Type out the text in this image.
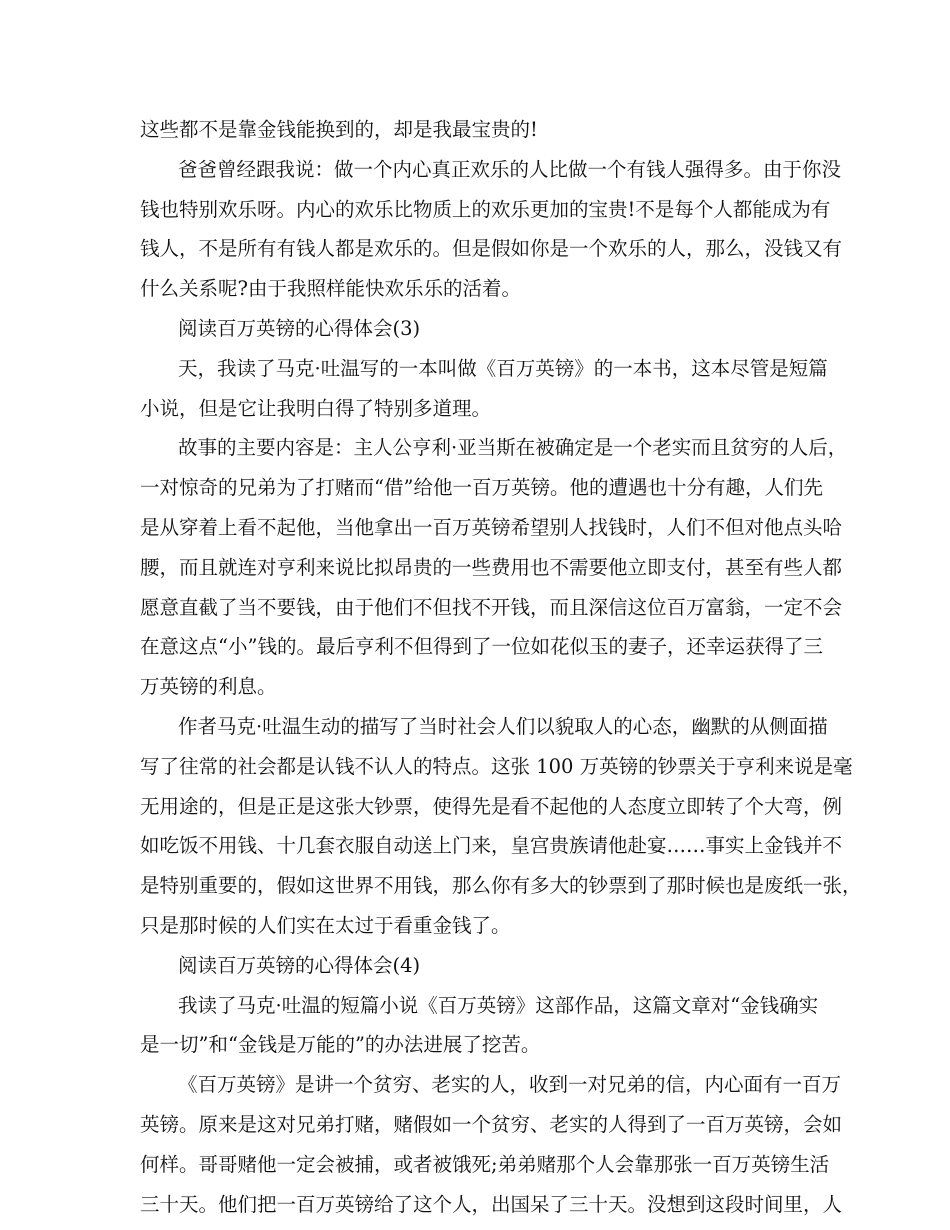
这些都不是靠金钱能换到的，却是我最宝贵的!
爸爸曾经跟我说：做一个内心真正欢乐的人比做一个有钱人强得多。由于你没
钱也特别欢乐呀。内心的欢乐比物质上的欢乐更加的宝贵!不是每个人都能成为有
钱人，不是所有有钱人都是欢乐的。但是假如你是一个欢乐的人，那么，没钱又有
什么关系呢?由于我照样能快欢乐乐的活着。
阅读百万英镑的心得体会(3)
天，我读了马克·吐温写的一本叫做《百万英镑》的一本书，这本尽管是短篇
小说，但是它让我明白得了特别多道理。
故事的主要内容是：主人公亨利·亚当斯在被确定是一个老实而且贫穷的人后，
一对惊奇的兄弟为了打赌而“借”给他一百万英镑。他的遭遇也十分有趣，人们先
是从穿着上看不起他，当他拿出一百万英镑希望别人找钱时，人们不但对他点头哈
腰，而且就连对亨利来说比拟昂贵的一些费用也不需要他立即支付，甚至有些人都
愿意直截了当不要钱，由于他们不但找不开钱，而且深信这位百万富翁，一定不会
在意这点“小”钱的。最后亨利不但得到了一位如花似玉的妻子，还幸运获得了三
万英镑的利息。
作者马克·吐温生动的描写了当时社会人们以貌取人的心态，幽默的从侧面描
写了往常的社会都是认钱不认人的特点。这张 100 万英镑的钞票关于亨利来说是毫
无用途的，但是正是这张大钞票，使得先是看不起他的人态度立即转了个大弯，例
如吃饭不用钱、十几套衣服自动送上门来，皇宫贵族请他赴宴……事实上金钱并不
是特别重要的，假如这世界不用钱，那么你有多大的钞票到了那时候也是废纸一张，
只是那时候的人们实在太过于看重金钱了。
阅读百万英镑的心得体会(4)
我读了马克·吐温的短篇小说《百万英镑》这部作品，这篇文章对“金钱确实
是一切”和“金钱是万能的”的办法进展了挖苦。
《百万英镑》是讲一个贫穷、老实的人，收到一对兄弟的信，内心面有一百万
英镑。原来是这对兄弟打赌，赌假如一个贫穷、老实的人得到了一百万英镑，会如
何样。哥哥赌他一定会被捕，或者被饿死;弟弟赌那个人会靠那张一百万英镑生活
三十天。他们把一百万英镑给了这个人，出国呆了三十天。没想到这段时间里，人
